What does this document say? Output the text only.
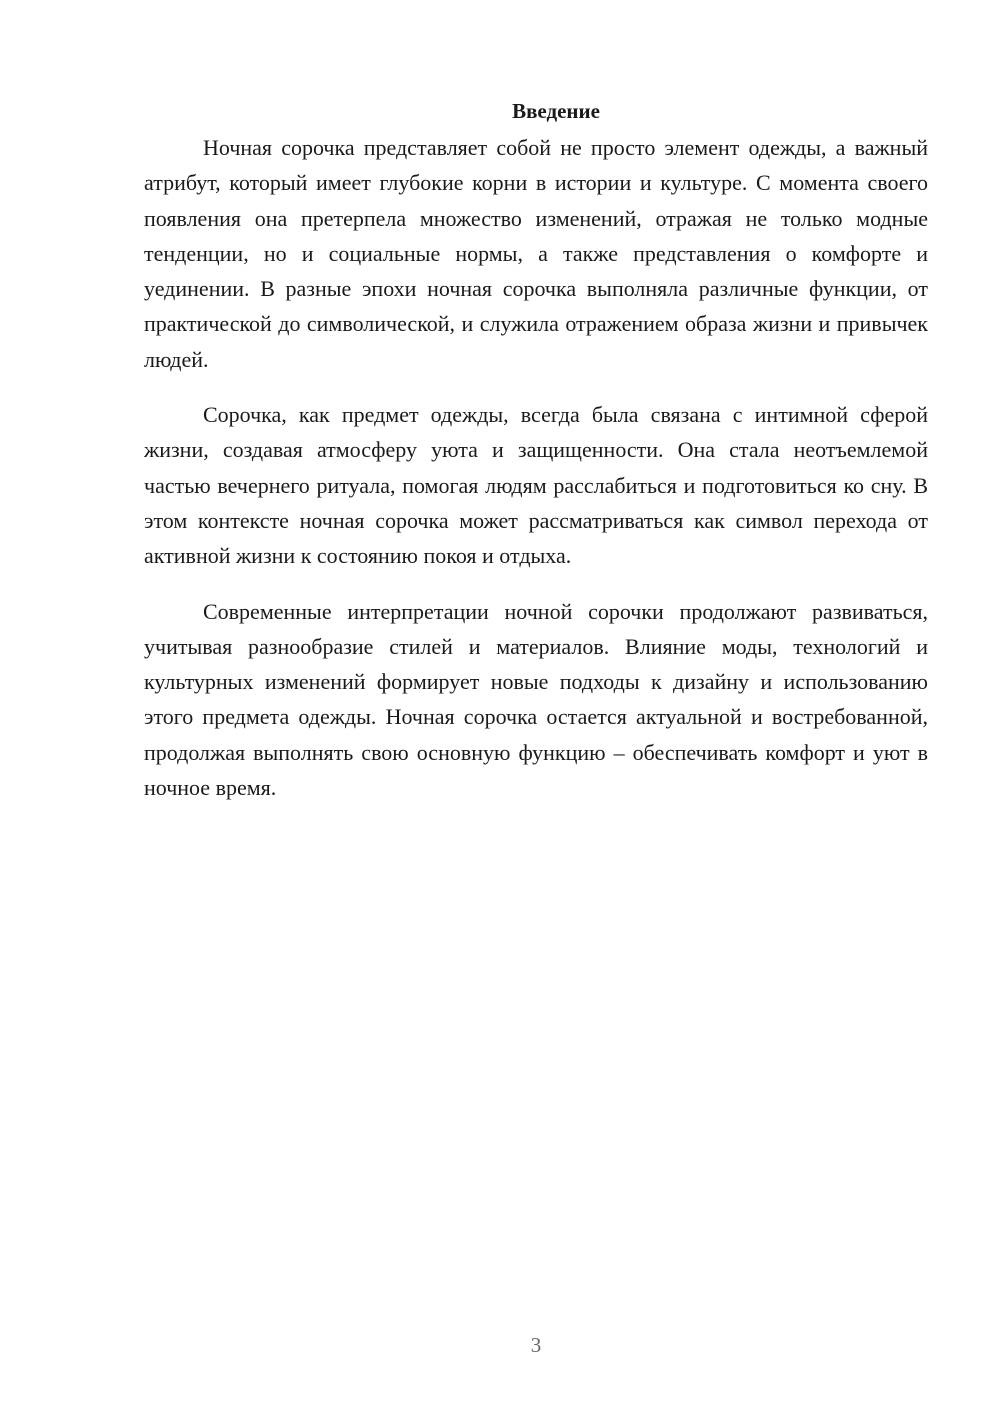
Введение

Ночная сорочка представляет собой не просто элемент одежды, а важный атрибут, который имеет глубокие корни в истории и культуре. С момента своего появления она претерпела множество изменений, отражая не только модные тенденции, но и социальные нормы, а также представления о комфорте и уединении. В разные эпохи ночная сорочка выполняла различные функции, от практической до символической, и служила отражением образа жизни и привычек людей.

Сорочка, как предмет одежды, всегда была связана с интимной сферой жизни, создавая атмосферу уюта и защищенности. Она стала неотъемлемой частью вечернего ритуала, помогая людям расслабиться и подготовиться ко сну. В этом контексте ночная сорочка может рассматриваться как символ перехода от активной жизни к состоянию покоя и отдыха.

Современные интерпретации ночной сорочки продолжают развиваться, учитывая разнообразие стилей и материалов. Влияние моды, технологий и культурных изменений формирует новые подходы к дизайну и использованию этого предмета одежды. Ночная сорочка остается актуальной и востребованной, продолжая выполнять свою основную функцию – обеспечивать комфорт и уют в ночное время.

3
